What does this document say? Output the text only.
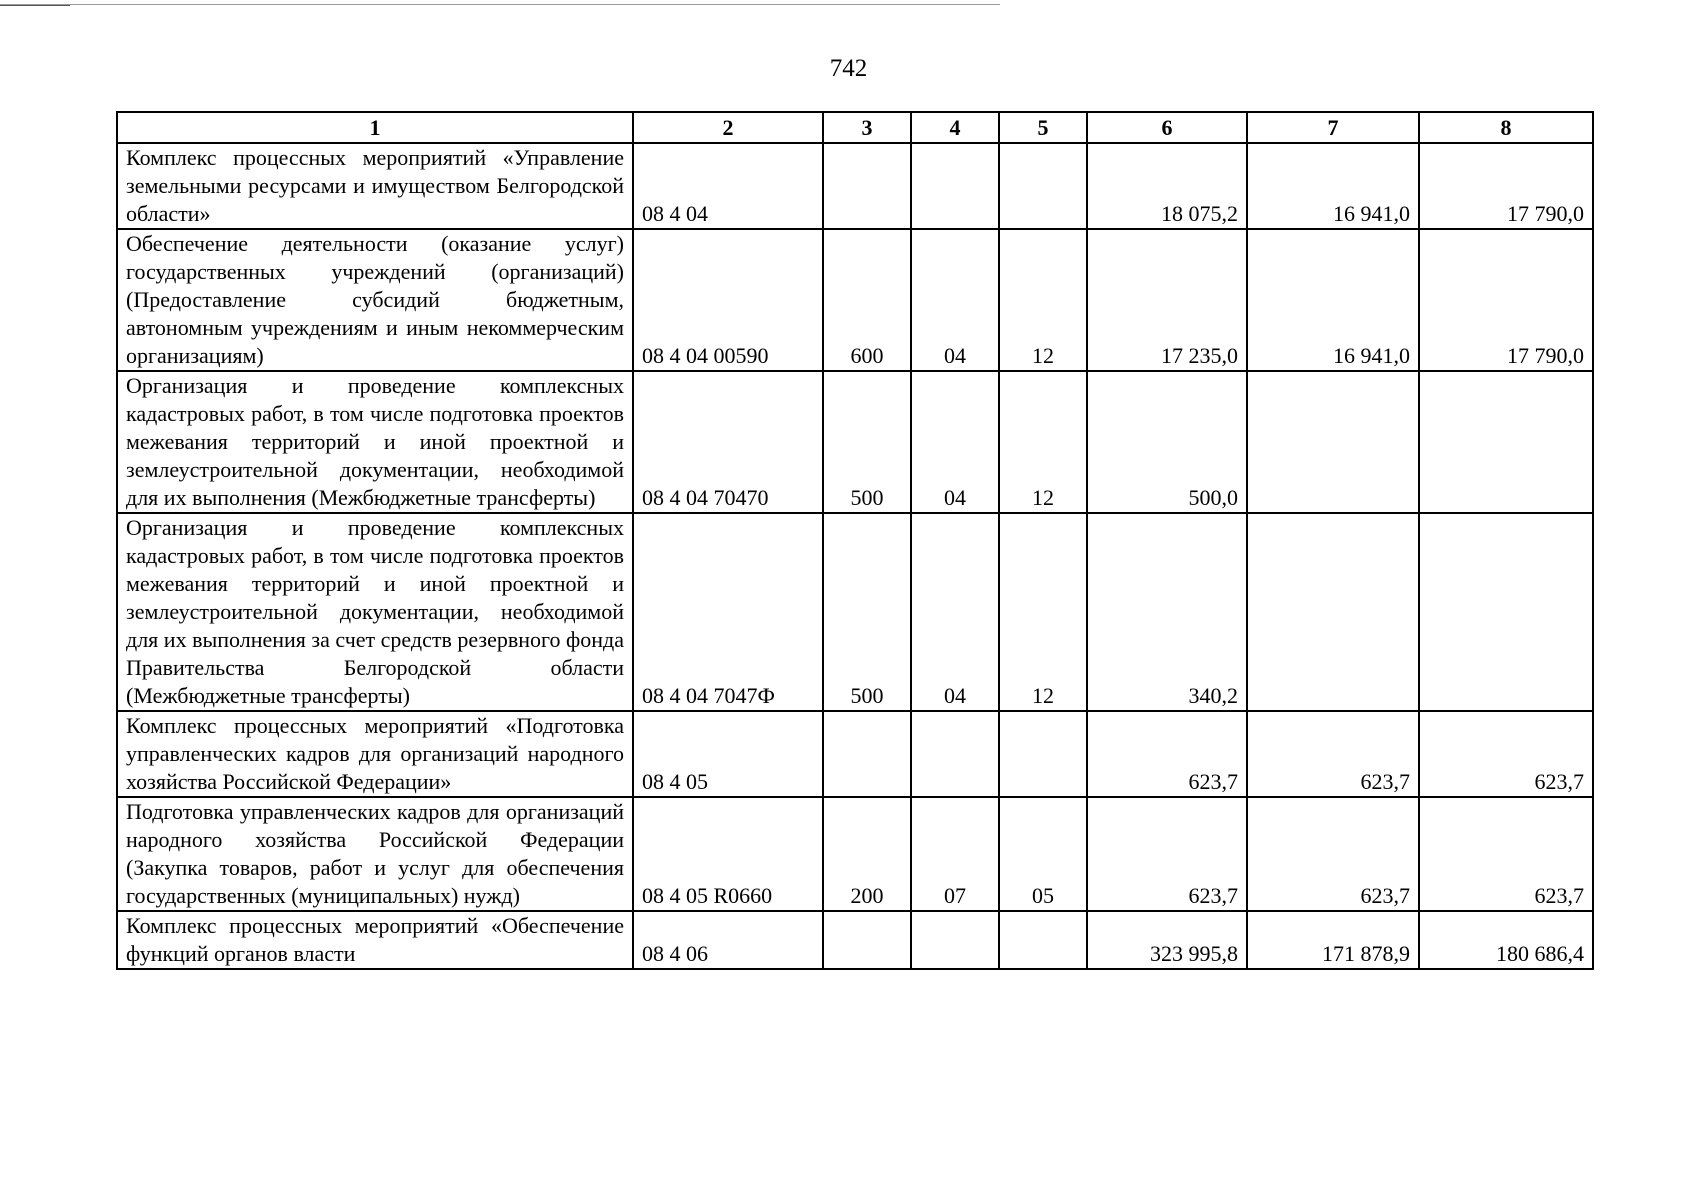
742
1	2	3	4	5	6	7	8
Комплекс процессных мероприятий «Управление земельными ресурсами и имуществом Белгородской области»	08 4 04				18 075,2	16 941,0	17 790,0
Обеспечение деятельности (оказание услуг) государственных учреждений (организаций) (Предоставление субсидий бюджетным, автономным учреждениям и иным некоммерческим организациям)	08 4 04 00590	600	04	12	17 235,0	16 941,0	17 790,0
Организация и проведение комплексных кадастровых работ, в том числе подготовка проектов межевания территорий и иной проектной и землеустроительной документации, необходимой для их выполнения (Межбюджетные трансферты)	08 4 04 70470	500	04	12	500,0		
Организация и проведение комплексных кадастровых работ, в том числе подготовка проектов межевания территорий и иной проектной и землеустроительной документации, необходимой для их выполнения за счет средств резервного фонда Правительства Белгородской области (Межбюджетные трансферты)	08 4 04 7047Ф	500	04	12	340,2		
Комплекс процессных мероприятий «Подготовка управленческих кадров для организаций народного хозяйства Российской Федерации»	08 4 05				623,7	623,7	623,7
Подготовка управленческих кадров для организаций народного хозяйства Российской Федерации (Закупка товаров, работ и услуг для обеспечения государственных (муниципальных) нужд)	08 4 05 R0660	200	07	05	623,7	623,7	623,7

Комплекс процессных мероприятий «Обеспечение функций органов власти	08 4 06				323 995,8	171 878,9	180 686,4
